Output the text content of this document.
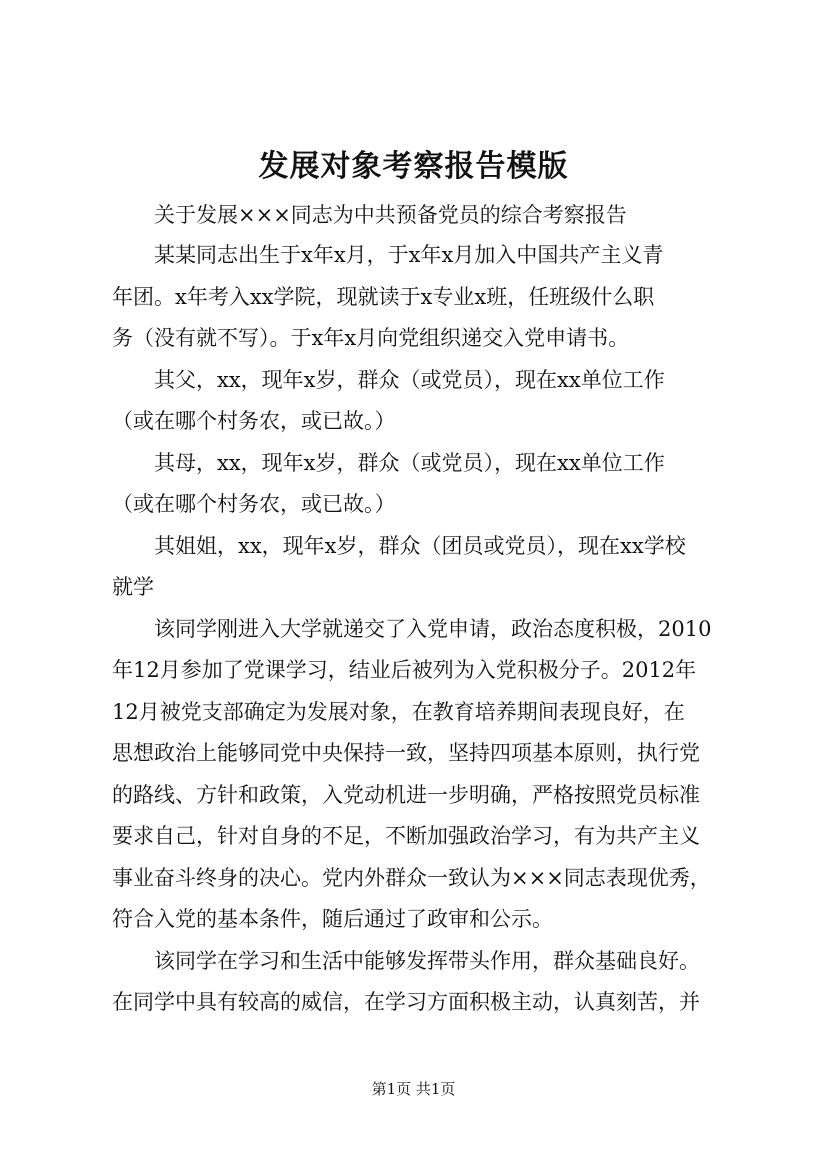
发展对象考察报告模版
关于发展×××同志为中共预备党员的综合考察报告
某某同志出生于x年x月，于x年x月加入中国共产主义青
年团。x年考入xx学院，现就读于x专业x班，任班级什么职
务（没有就不写）。于x年x月向党组织递交入党申请书。
其父，xx，现年x岁，群众（或党员），现在xx单位工作
（或在哪个村务农，或已故。）
其母，xx，现年x岁，群众（或党员），现在xx单位工作
（或在哪个村务农，或已故。）
其姐姐，xx，现年x岁，群众（团员或党员），现在xx学校
就学
该同学刚进入大学就递交了入党申请，政治态度积极，2010
年12月参加了党课学习，结业后被列为入党积极分子。2012年
12月被党支部确定为发展对象，在教育培养期间表现良好，在
思想政治上能够同党中央保持一致，坚持四项基本原则，执行党
的路线、方针和政策，入党动机进一步明确，严格按照党员标准
要求自己，针对自身的不足，不断加强政治学习，有为共产主义
事业奋斗终身的决心。党内外群众一致认为×××同志表现优秀，
符合入党的基本条件，随后通过了政审和公示。
该同学在学习和生活中能够发挥带头作用，群众基础良好。
在同学中具有较高的威信，在学习方面积极主动，认真刻苦，并
第1页 共1页
